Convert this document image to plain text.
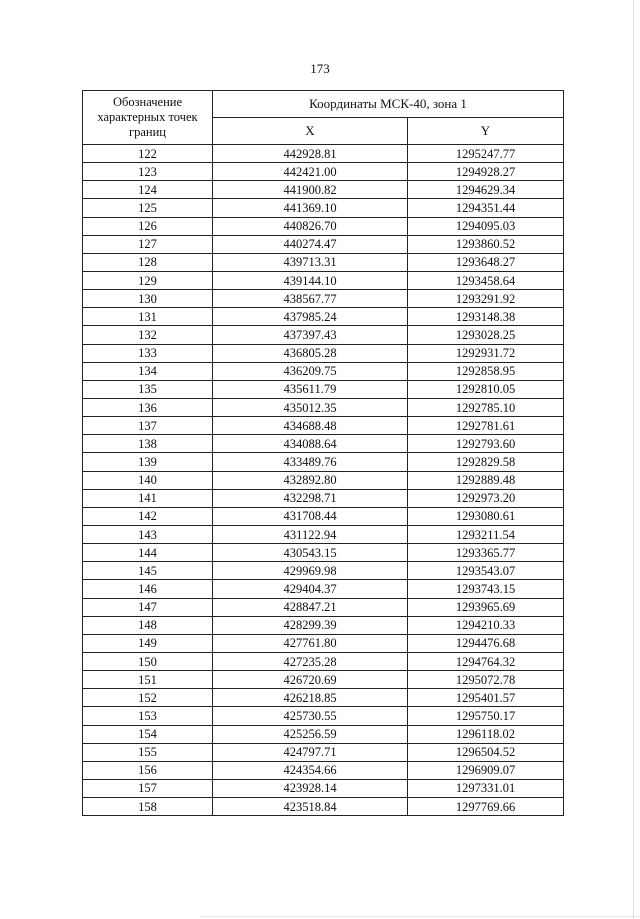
173
Обозначение характерных точек границ	Координаты МСК-40, зона 1	
	X	Y
122	442928.81	1295247.77
123	442421.00	1294928.27
124	441900.82	1294629.34
125	441369.10	1294351.44
126	440826.70	1294095.03
127	440274.47	1293860.52
128	439713.31	1293648.27
129	439144.10	1293458.64
130	438567.77	1293291.92
131	437985.24	1293148.38
132	437397.43	1293028.25
133	436805.28	1292931.72
134	436209.75	1292858.95
135	435611.79	1292810.05
136	435012.35	1292785.10
137	434688.48	1292781.61
138	434088.64	1292793.60
139	433489.76	1292829.58
140	432892.80	1292889.48
141	432298.71	1292973.20
142	431708.44	1293080.61
143	431122.94	1293211.54
144	430543.15	1293365.77
145	429969.98	1293543.07
146	429404.37	1293743.15
147	428847.21	1293965.69
148	428299.39	1294210.33
149	427761.80	1294476.68
150	427235.28	1294764.32
151	426720.69	1295072.78
152	426218.85	1295401.57
153	425730.55	1295750.17
154	425256.59	1296118.02
155	424797.71	1296504.52
156	424354.66	1296909.07
157	423928.14	1297331.01
158	423518.84	1297769.66
